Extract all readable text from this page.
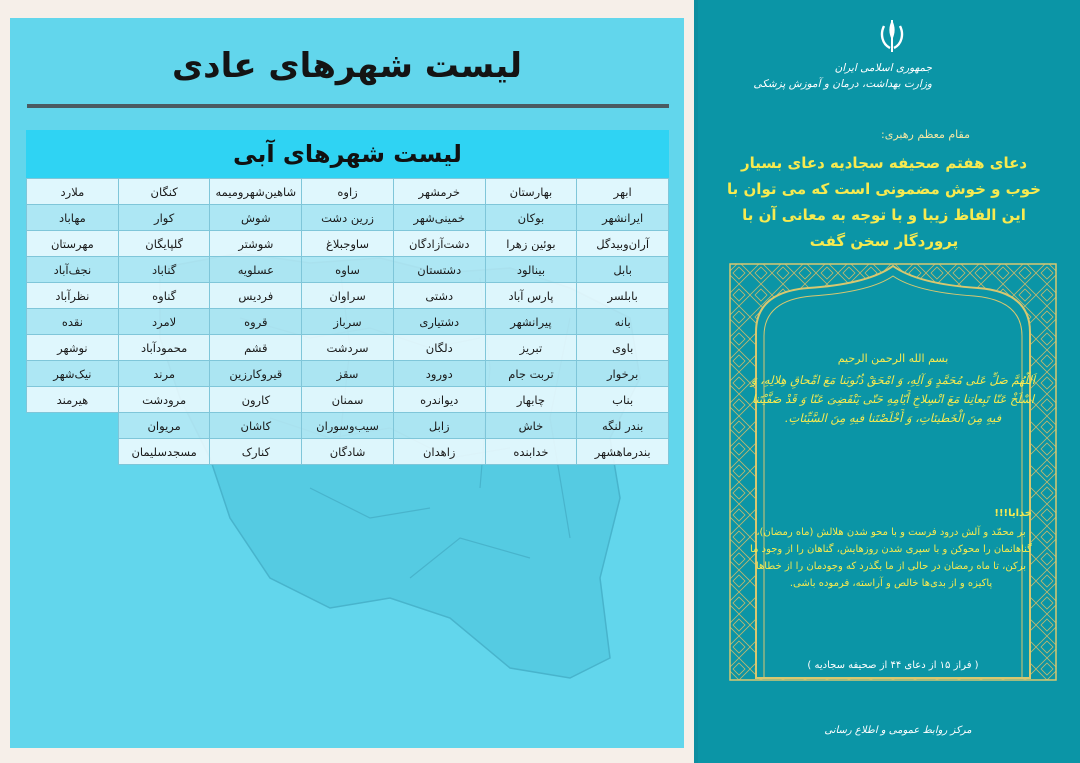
لیست شهرهای عادی
لیست شهرهای آبی
ابهر	بهارستان	خرمشهر	زاوه	شاهین‌شهرومیمه	کنگان	ملارد
ایرانشهر	بوکان	خمینی‌شهر	زرین دشت	شوش	کوار	مهاباد
آران‌وبیدگل	بوئین زهرا	دشت‌آزادگان	ساوجبلاغ	شوشتر	گلپایگان	مهرستان
بابل	بینالود	دشتستان	ساوه	عسلویه	گناباد	نجف‌آباد
بابلسر	پارس آباد	دشتی	سراوان	فردیس	گناوه	نظرآباد
بانه	پیرانشهر	دشتیاری	سرباز	قروه	لامرد	نقده
باوی	تبریز	دلگان	سردشت	قشم	محمودآباد	نوشهر
برخوار	تربت جام	دورود	سقز	قیروکارزین	مرند	نیک‌شهر
بناب	چابهار	دیواندره	سمنان	کارون	مرودشت	هیرمند
بندر لنگه	خاش	زابل	سیب‌وسوران	کاشان	مریوان	
بندرماهشهر	خدابنده	زاهدان	شادگان	کنارک	مسجدسلیمان	
جمهوری اسلامی ایران
وزارت بهداشت، درمان و آموزش پزشکی
مقام معظم رهبری:
دعای هفتم صحیفه سجادیه دعای بسیار خوب و خوش مضمونی است که می توان با این الفاظ زیبا و با توجه به معانی آن با پروردگار سخن گفت
بسم الله الرحمن الرحیم
اَللّهُمَّ صَلِّ عَلى مُحَمَّدٍ وَ آلِهِ، وَ امْحَقْ ذُنُوبَنا مَعَ امِّحاقِ هِلالِهِ، وَ اسْلَخْ عَنّا تَبِعاتِنا مَعَ انْسِلاخِ أَیّامِهِ حَتّى یَنْقَضِیَ عَنّا وَ قَدْ صَفَّیْتَنا فیهِ مِنَ الْخَطیئاتِ، وَ أَخْلَصْتَنا فیهِ مِنَ السَّیِّئاتِ.
خدایا!!!
بر محمّد و آلش درود فرست و با محو شدن هلالش (ماه رمضان)، گناهانمان را محوکن و با سپری شدن روزهایش، گناهان را از وجود ما برکن، تا ماه رمضان در حالی از ما بگذرد که وجودمان را از خطاها پاکیزه و از بدی‌ها خالص و آراسته، فرموده باشی.
( فراز ۱۵ از دعای ۴۴ از صحیفه سجادیه )
مرکز روابط عمومی و اطلاع رسانی
